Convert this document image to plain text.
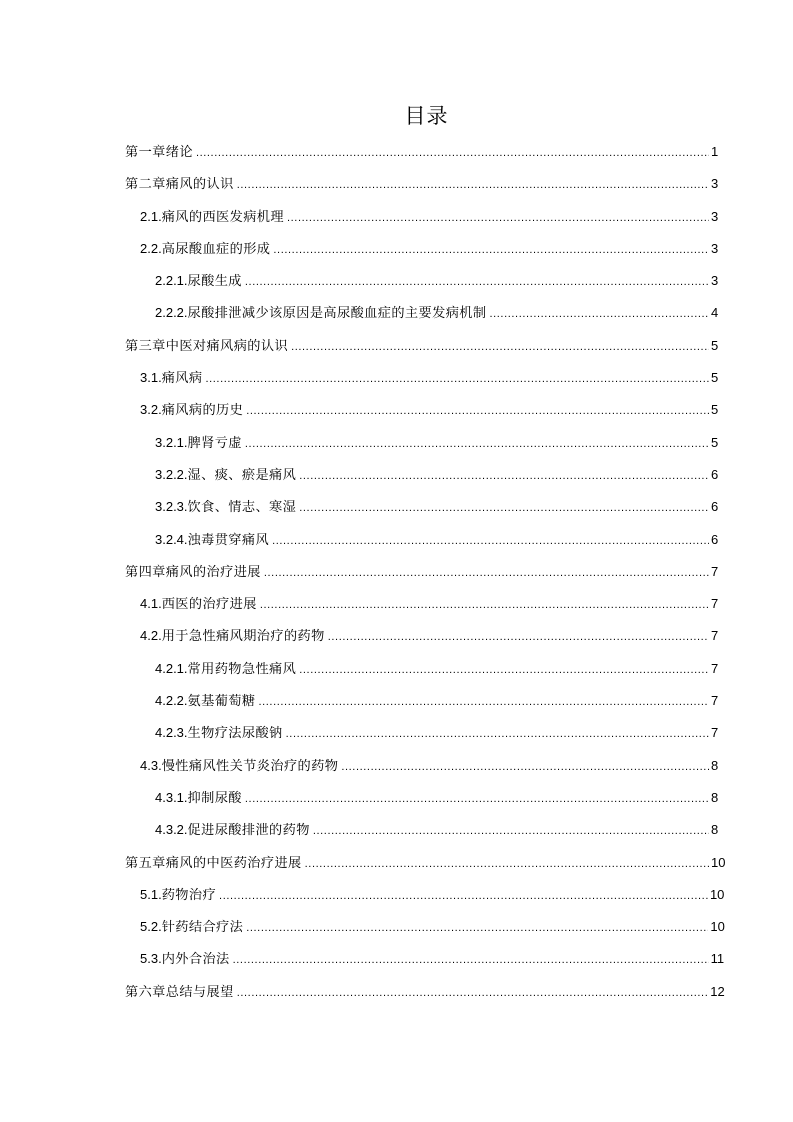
目录
第一章绪论 .....	1
第二章痛风的认识 .....	3
2.1. 痛风的西医发病机理 .....	3
2.2. 高尿酸血症的形成 .....	3
2.2.1. 尿酸生成 .....	3
2.2.2. 尿酸排泄减少该原因是高尿酸血症的主要发病机制 .....	4
第三章中医对痛风病的认识 .....	5
3.1. 痛风病 .....	5
3.2. 痛风病的历史 .....	5
3.2.1. 脾肾亏虚 .....	5
3.2.2. 湿、痰、瘀是痛风 .....	6
3.2.3. 饮食、情志、寒湿 .....	6
3.2.4. 浊毒贯穿痛风 .....	6
第四章痛风的治疗进展 .....	7
4.1. 西医的治疗进展 .....	7
4.2. 用于急性痛风期治疗的药物 .....	7
4.2.1. 常用药物急性痛风 .....	7
4.2.2. 氨基葡萄糖 .....	7
4.2.3. 生物疗法尿酸钠 .....	7
4.3. 慢性痛风性关节炎治疗的药物 .....	8
4.3.1. 抑制尿酸 .....	8
4.3.2. 促进尿酸排泄的药物 .....	8
第五章痛风的中医药治疗进展 .....	10
5.1. 药物治疗 .....	10
5.2. 针药结合疗法 .....	10
5.3. 内外合治法 .....	11
第六章总结与展望 .....	12
